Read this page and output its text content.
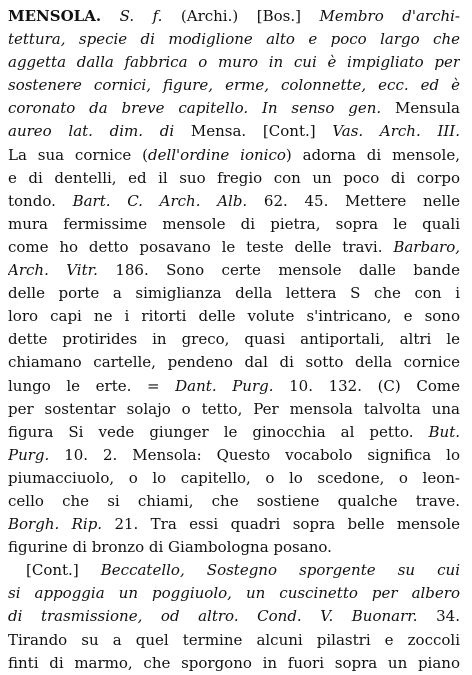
MENSOLA. S. f. (Archi.) [Bos.] Membro d'archi-
tettura, specie di modiglione alto e poco largo che
aggetta dalla fabbrica o muro in cui è impigliato per
sostenere cornici, figure, erme, colonnette, ecc. ed è
coronato da breve capitello. In senso gen. Mensula
aureo lat. dim. di Mensa. [Cont.] Vas. Arch. III.
La sua cornice (dell'ordine ionico) adorna di mensole,
e di dentelli, ed il suo fregio con un poco di corpo
tondo. Bart. C. Arch. Alb. 62. 45. Mettere nelle
mura fermissime mensole di pietra, sopra le quali
come ho detto posavano le teste delle travi. Barbaro,
Arch. Vitr. 186. Sono certe mensole dalle bande
delle porte a simiglianza della lettera S che con i
loro capi ne i ritorti delle volute s'intricano, e sono
dette protirides in greco, quasi antiportali, altri le
chiamano cartelle, pendeno dal di sotto della cornice
lungo le erte. = Dant. Purg. 10. 132. (C) Come
per sostentar solajo o tetto, Per mensola talvolta una
figura Si vede giunger le ginocchia al petto. But.
Purg. 10. 2. Mensola: Questo vocabolo significa lo
piumacciuolo, o lo capitello, o lo scedone, o leon-
cello che si chiami, che sostiene qualche trave.
Borgh. Rip. 21. Tra essi quadri sopra belle mensole
figurine di bronzo di Giambologna posano.
[Cont.] Beccatello, Sostegno sporgente su cui
si appoggia un poggiuolo, un cuscinetto per albero
di trasmissione, od altro. Cond. V. Buonarr. 34.
Tirando su a quel termine alcuni pilastri e zoccoli
finti di marmo, che sporgono in fuori sopra un piano
